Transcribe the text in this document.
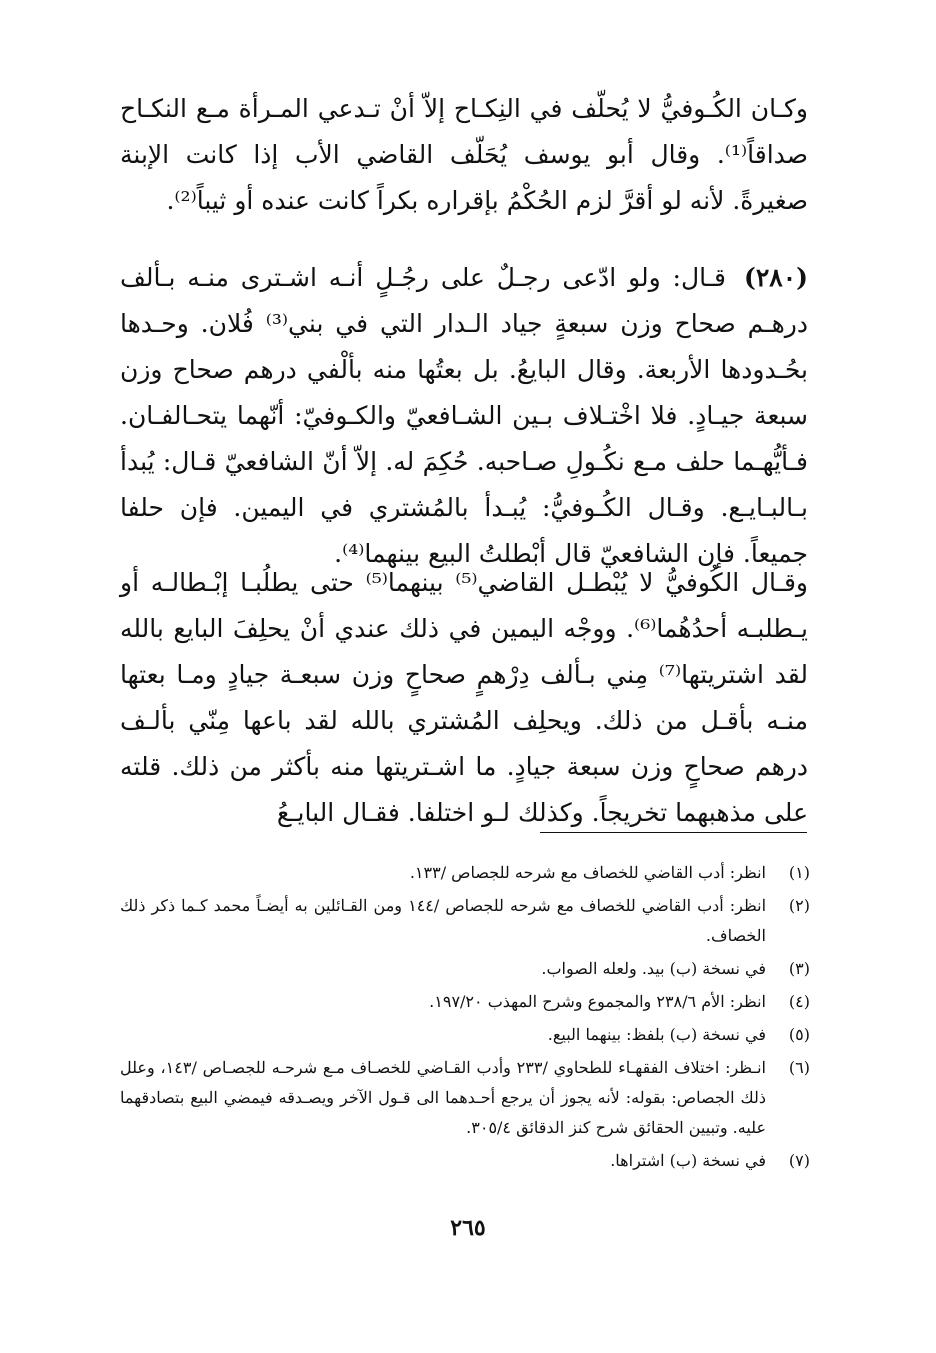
وكـان الكُـوفيُّ لا يُحلّف في النِكـاح إلاّ أنْ تـدعي المـرأة مـع النكـاح صداقاً⁽¹⁾. وقال أبو يوسف يُحَلّف القاضي الأب إذا كانت الإبنة صغيرةً. لأنه لو أقرَّ لزم الحُكْمُ بإقراره بكراً كانت عنده أو ثيباً⁽²⁾.

(٢٨٠)قـال: ولو ادّعى رجـلٌ على رجُـلٍ أنـه اشـترى منـه بـألف درهـم صحاح وزن سبعةٍ جياد الـدار التي في بني⁽³⁾ فُلان. وحـدها بحُـدودها الأربعة. وقال البايعُ. بل بعتُها منه بألْفي درهم صحاح وزن سبعة جيـادٍ. فلا اخْتـلاف بـين الشـافعيّ والكـوفيّ: أنّهما يتحـالفـان. فـأيُّهـما حلف مـع نكُـولِ صـاحبه. حُكِمَ له. إلاّ أنّ الشافعيّ قـال: يُبدأ بـالبـايـع. وقـال الكُـوفيُّ: يُبـدأ بالمُشتري في اليمين. فإن حلفا جميعاً. فإن الشافعيّ قال أبْطلتُ البيع بينهما⁽⁴⁾.

وقـال الكُوفيُّ لا يُبْطـل القاضي⁽⁵⁾ بينهما⁽⁵⁾ حتى يطلُبـا إبْـطالـه أو يـطلبـه أحدُهُما⁽⁶⁾. ووجْه اليمين في ذلك عندي أنْ يحلِفَ البايع بالله لقد اشتريتها⁽⁷⁾ مِني بـألف دِرْهمٍ صحاحٍ وزن سبعـة جيادٍ ومـا بعتها منـه بأقـل من ذلك. ويحلِف المُشتري بالله لقد باعها مِنّي بألـف درهم صحاحٍ وزن سبعة جيادٍ. ما اشـتريتها منه بأكثر من ذلك. قلته على مذهبهما تخريجاً. وكذلك لـو اختلفا. فقـال البايـعُ

(١)
انظر: أدب القاضي للخصاف مع شرحه للجصاص /١٣٣.
(٢)
انظر: أدب القاضي للخصاف مع شرحه للجصاص /١٤٤ ومن القـائلين به أيضـاً محمد كـما ذكر ذلك الخصاف.
(٣)
في نسخة (ب) بيد. ولعله الصواب.
(٤)
انظر: الأم ٢٣٨/٦ والمجموع وشرح المهذب ١٩٧/٢٠.
(٥)
في نسخة (ب) بلفظ: بينهما البيع.
(٦)
انـظر: اختلاف الفقهـاء للطحاوي /٢٣٣ وأدب القـاضي للخصـاف مـع شرحـه للجصـاص /١٤٣، وعلل ذلك الجصاص: بقوله: لأنه يجوز أن يرجع أحـدهما الى قـول الآخر ويصـدقه فيمضي البيع بتصادقهما عليه. وتبيين الحقائق شرح كنز الدقائق ٣٠٥/٤.
(٧)
في نسخة (ب) اشتراها.
٢٦٥
